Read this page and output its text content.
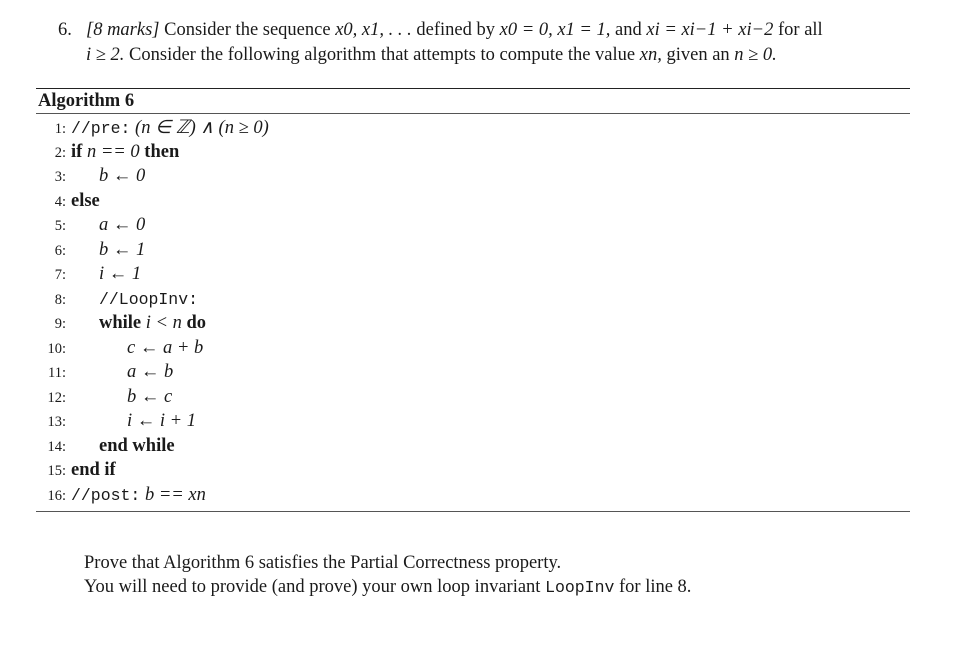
6. [8 marks] Consider the sequence x0, x1, . . . defined by x0 = 0, x1 = 1, and xi = xi−1 + xi−2 for all
i ≥ 2. Consider the following algorithm that attempts to compute the value xn, given an n ≥ 0.
Algorithm 6
1: //pre: (n ∈ ℤ) ∧ (n ≥ 0)
2: if n == 0 then
3: b ← 0
4: else
5: a ← 0
6: b ← 1
7: i ← 1
8: //LoopInv:
9: while i < n do
10:	c ← a + b
11:	a ← b
12:	b ← c
13:	i ← i + 1
14: end while
15: end if
16: //post: b == xn
Prove that Algorithm 6 satisfies the Partial Correctness property.
You will need to provide (and prove) your own loop invariant LoopInv for line 8.
